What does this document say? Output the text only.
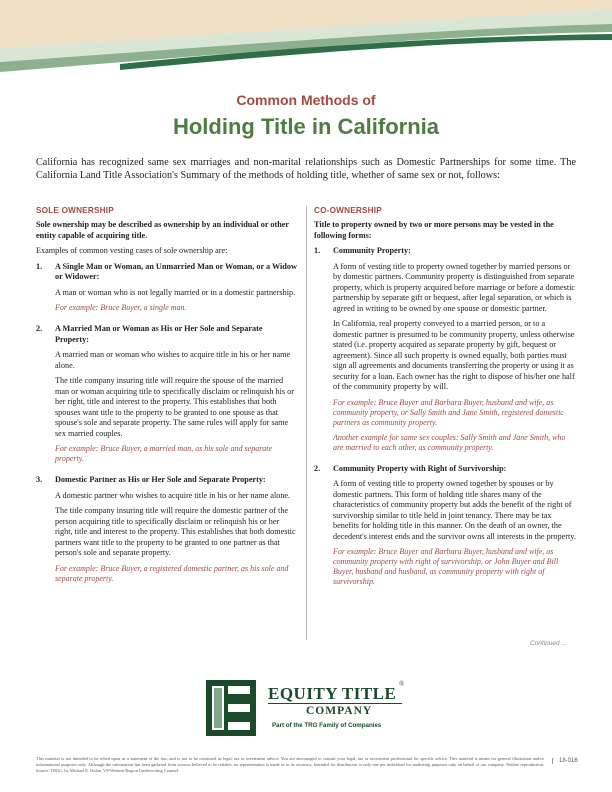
Common Methods of
Holding Title in California
California has recognized same sex marriages and non-marital relationships such as Domestic Partnerships for some time. The California Land Title Association's Summary of the methods of holding title, whether of same sex or not, follows:
SOLE OWNERSHIP
Sole ownership may be described as ownership by an individual or other entity capable of acquiring title.
Examples of common vesting cases of sole ownership are:
1.	A Single Man or Woman, an Unmarried Man or Woman, or a Widow or Widower:
A man or woman who is not legally married or in a domestic partnership.
For example: Bruce Buyer, a single man.
2.	A Married Man or Woman as His or Her Sole and Separate Property:
A married man or woman who wishes to acquire title in his or her name alone.
The title company insuring title will require the spouse of the married man or woman acquiring title to specifically disclaim or relinquish his or her right, title and interest to the property. This establishes that both spouses want title to the property to be granted to one spouse as that spouse's sole and separate property. The same rules will apply for same sex married couples.
For example: Bruce Buyer, a married man, as his sole and separate property.
3.	Domestic Partner as His or Her Sole and Separate Property:
A domestic partner who wishes to acquire title in his or her name alone.
The title company insuring title will require the domestic partner of the person acquiring title to specifically disclaim or relinquish his or her right, title and interest to the property. This establishes that both domestic partners want title to the property to be granted to one partner as that person's sole and separate property.
For example: Bruce Buyer, a registered domestic partner, as his sole and separate property.
CO-OWNERSHIP
Title to property owned by two or more persons may be vested in the following forms:
1.	Community Property:
A form of vesting title to property owned together by married persons or by domestic partners. Community property is distinguished from separate property, which is property acquired before marriage or before a domestic partnership by separate gift or bequest, after legal separation, or which is agreed in writing to be owned by one spouse or domestic partner.
In California, real property conveyed to a married person, or to a domestic partner is presumed to be community property, unless otherwise stated (i.e. property acquired as separate property by gift, bequest or agreement). Since all such property is owned equally, both parties must sign all agreements and documents transferring the property or using it as security for a loan. Each owner has the right to dispose of his/her one half of the community property by will.
For example: Bruce Buyer and Barbara Buyer, husband and wife, as community property, or Sally Smith and Jane Smith, registered domestic partners as community property.
Another example for same sex couples: Sally Smith and Jane Smith, who are married to each other, as community property.
2.	Community Property with Right of Survivorship:
A form of vesting title to property owned together by spouses or by domestic partners. This form of holding title shares many of the characteristics of community property but adds the benefit of the right of survivorship similar to title held in joint tenancy. There may be tax benefits for holding title in this manner. On the death of an owner, the decedent's interest ends and the survivor owns all interests in the property.
For example: Bruce Buyer and Barbara Buyer, husband and wife, as community property with right of survivorship, or John Buyer and Bill Buyer, husband and husband, as community property with right of survivorship.
Continued ...
EQUITY TITLE ®
COMPANY
Part of the TRG Family of Companies
This material is not intended to be relied upon as a statement of the law, and is not to be construed as legal, tax or investment advice. You are encouraged to consult your legal, tax or investment professional for specific advice. This material is meant for general illustration and/or informational purposes only. Although the information has been gathered from sources believed to be reliable, no representation is made as to its accuracy. Intended for distribution to only one per individual for marketing purposes only on behalf of our company. Neither reproduction. Source: TRGC, by Michael E. Dolan, VP/Western Region Underwriting Counsel.
18-016
